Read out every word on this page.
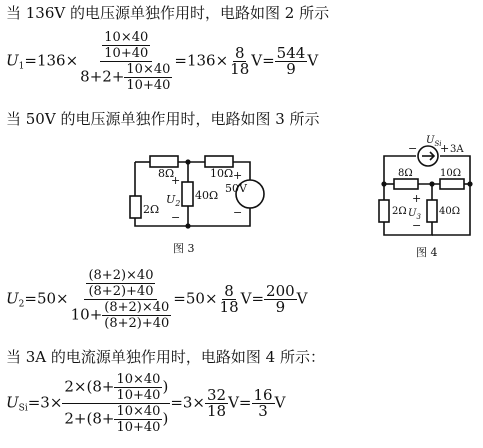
当 136V 的电压源单独作用时，电路如图 2 所示
$U_1=136\times \frac{\frac{10\times 40}{10+40}}{8+2+ \frac{10\times 40}{10+40}} =136\times \frac{8}{18} V= \frac{544}{9}$ V
当 50V 的电压源单独作用时，电路如图 3 所示
8Ω	10Ω
2Ω
40Ω
+
50V
−
+
$U_2$
−
图 3
$U_{Si}$
− + 3A
8Ω	10Ω
2Ω	40Ω
+
$U_3$
−
图 4
$U_2=50\times \frac{\frac{(8+2)\times 40}{(8+2)+40}}{10+ \frac{(8+2)\times 40}{(8+2)+40}} =50\times \frac{8}{18} V= \frac{200}{9}$ V
当 3A 的电流源单独作用时，电路如图 4 所示：
$U_{Si}=3\times \frac{2\times(8+ \frac{10\times 40}{10+40} )}{2+(8+ \frac{10\times 40}{10+40} )} =3\times \frac{32}{18} V= \frac{16}{3}$ V
